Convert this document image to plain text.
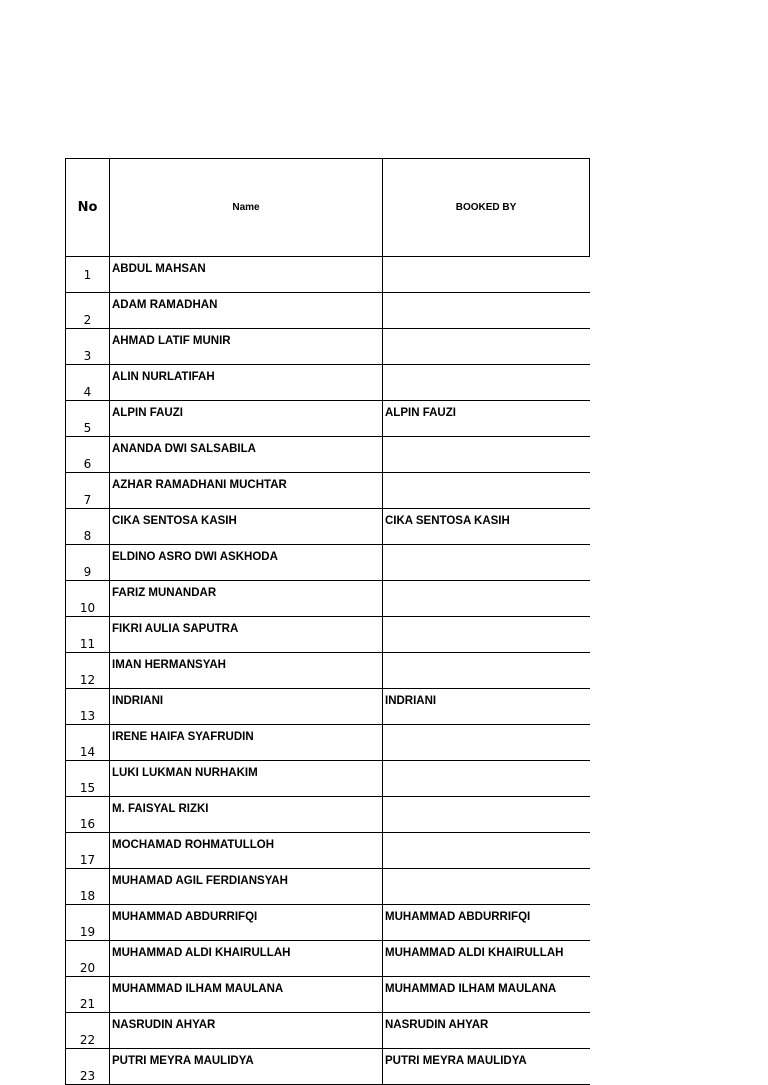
No	Name	BOOKED BY
1	ABDUL MAHSAN	
2	ADAM RAMADHAN	
3	AHMAD LATIF MUNIR	
4	ALIN NURLATIFAH	
5	ALPIN FAUZI	ALPIN FAUZI
6	ANANDA DWI SALSABILA	
7	AZHAR RAMADHANI MUCHTAR	
8	CIKA SENTOSA KASIH	CIKA SENTOSA KASIH
9	ELDINO ASRO DWI ASKHODA	
10	FARIZ MUNANDAR	
11	FIKRI AULIA SAPUTRA	
12	IMAN HERMANSYAH	
13	INDRIANI	INDRIANI
14	IRENE HAIFA SYAFRUDIN	
15	LUKI LUKMAN NURHAKIM	
16	M. FAISYAL RIZKI	
17	MOCHAMAD ROHMATULLOH	
18	MUHAMAD AGIL FERDIANSYAH	
19	MUHAMMAD ABDURRIFQI	MUHAMMAD ABDURRIFQI
20	MUHAMMAD ALDI KHAIRULLAH	MUHAMMAD ALDI KHAIRULLAH
21	MUHAMMAD ILHAM MAULANA	MUHAMMAD ILHAM MAULANA
22	NASRUDIN AHYAR	NASRUDIN AHYAR
23	PUTRI MEYRA MAULIDYA	PUTRI MEYRA MAULIDYA
